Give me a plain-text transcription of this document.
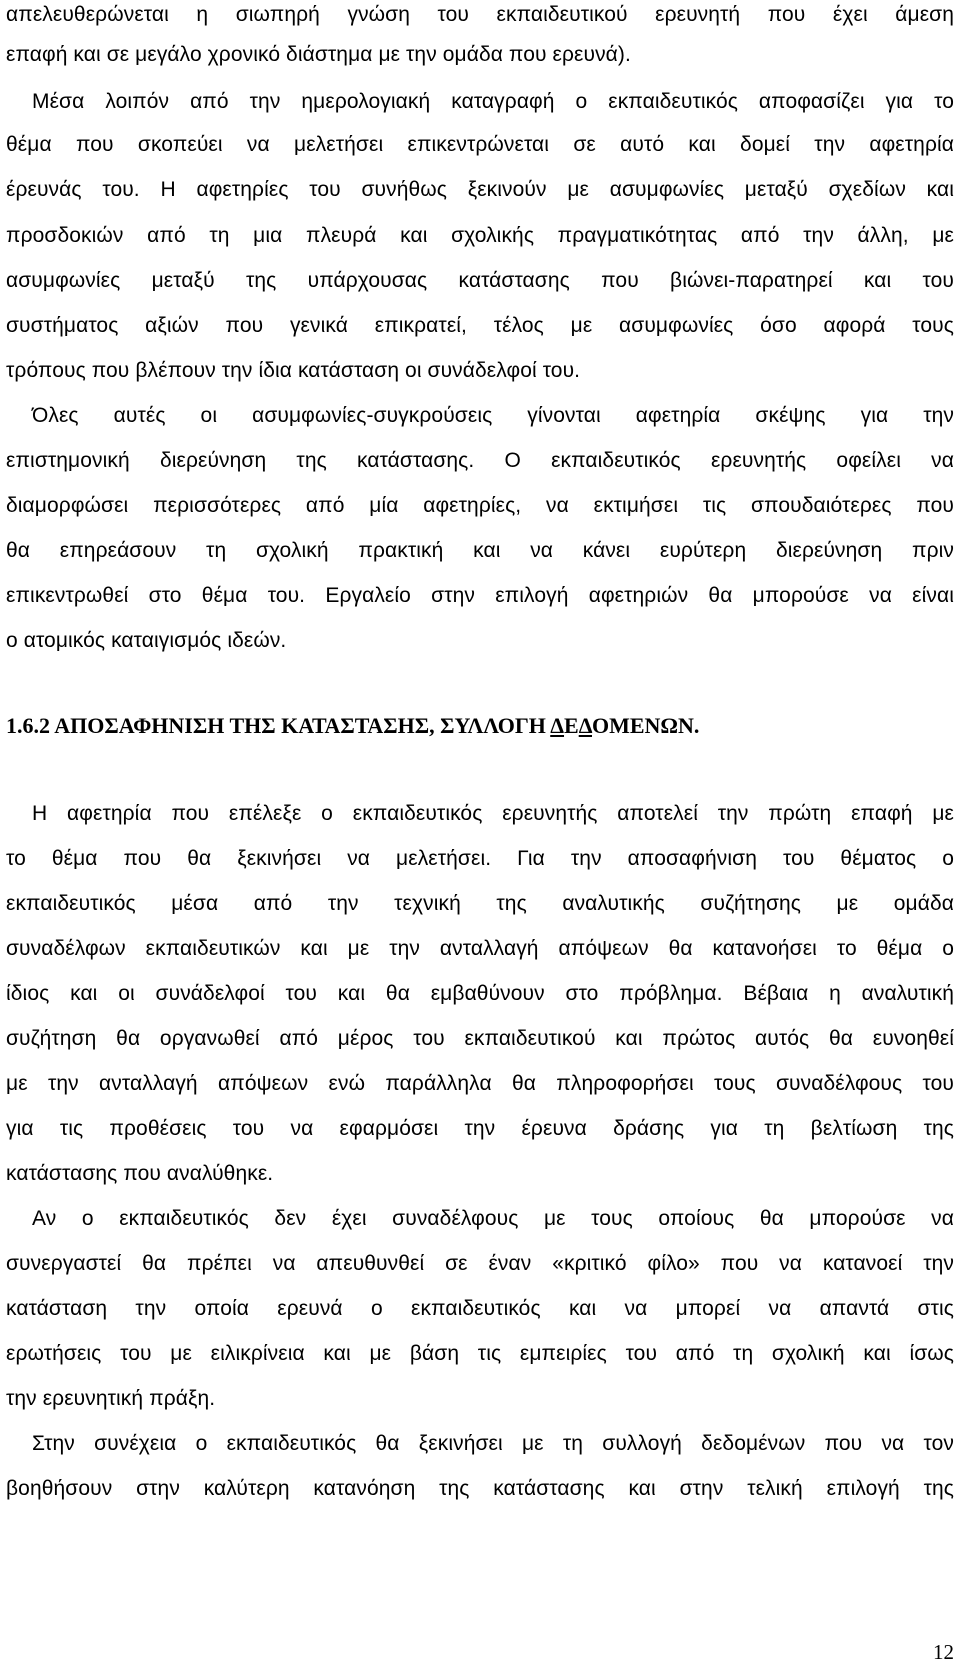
απελευθερώνεται η σιωπηρή γνώση του εκπαιδευτικού ερευνητή που έχει άμεση
επαφή και σε μεγάλο χρονικό διάστημα με την ομάδα που ερευνά).
Μέσα λοιπόν από την ημερολογιακή καταγραφή ο εκπαιδευτικός αποφασίζει για το
θέμα που σκοπεύει να μελετήσει επικεντρώνεται σε αυτό και δομεί την αφετηρία
έρευνάς του. Η αφετηρίες του συνήθως ξεκινούν με ασυμφωνίες μεταξύ σχεδίων και
προσδοκιών από τη μια πλευρά και σχολικής πραγματικότητας από την άλλη, με
ασυμφωνίες μεταξύ της υπάρχουσας κατάστασης που βιώνει-παρατηρεί και του
συστήματος αξιών που γενικά επικρατεί, τέλος με ασυμφωνίες όσο αφορά τους
τρόπους που βλέπουν την ίδια κατάσταση οι συνάδελφοί του.
Όλες αυτές οι ασυμφωνίες-συγκρούσεις γίνονται αφετηρία σκέψης για την
επιστημονική διερεύνηση της κατάστασης. Ο εκπαιδευτικός ερευνητής οφείλει να
διαμορφώσει περισσότερες από μία αφετηρίες, να εκτιμήσει τις σπουδαιότερες που
θα επηρεάσουν τη σχολική πρακτική και να κάνει ευρύτερη διερεύνηση πριν
επικεντρωθεί στο θέμα του. Εργαλείο στην επιλογή αφετηριών θα μπορούσε να είναι
ο ατομικός καταιγισμός ιδεών.
1.6.2 ΑΠΟΣΑΦΗΝΙΣΗ ΤΗΣ ΚΑΤΑΣΤΑΣΗΣ, ΣΥΛΛΟΓΗ ΔΕΔΟΜΕΝΩΝ.
Η αφετηρία που επέλεξε ο εκπαιδευτικός ερευνητής αποτελεί την πρώτη επαφή με
το θέμα που θα ξεκινήσει να μελετήσει. Για την αποσαφήνιση του θέματος ο
εκπαιδευτικός μέσα από την τεχνική της αναλυτικής συζήτησης με ομάδα
συναδέλφων εκπαιδευτικών και με την ανταλλαγή απόψεων θα κατανοήσει το θέμα ο
ίδιος και οι συνάδελφοί του και θα εμβαθύνουν στο πρόβλημα. Βέβαια η αναλυτική
συζήτηση θα οργανωθεί από μέρος του εκπαιδευτικού και πρώτος αυτός θα ευνοηθεί
με την ανταλλαγή απόψεων ενώ παράλληλα θα πληροφορήσει τους συναδέλφους του
για τις προθέσεις του να εφαρμόσει την έρευνα δράσης για τη βελτίωση της
κατάστασης που αναλύθηκε.
Αν ο εκπαιδευτικός δεν έχει συναδέλφους με τους οποίους θα μπορούσε να
συνεργαστεί θα πρέπει να απευθυνθεί σε έναν «κριτικό φίλο» που να κατανοεί την
κατάσταση την οποία ερευνά ο εκπαιδευτικός και να μπορεί να απαντά στις
ερωτήσεις του με ειλικρίνεια και με βάση τις εμπειρίες του από τη σχολική και ίσως
την ερευνητική πράξη.
Στην συνέχεια ο εκπαιδευτικός θα ξεκινήσει με τη συλλογή δεδομένων που να τον
βοηθήσουν στην καλύτερη κατανόηση της κατάστασης και στην τελική επιλογή της
12
